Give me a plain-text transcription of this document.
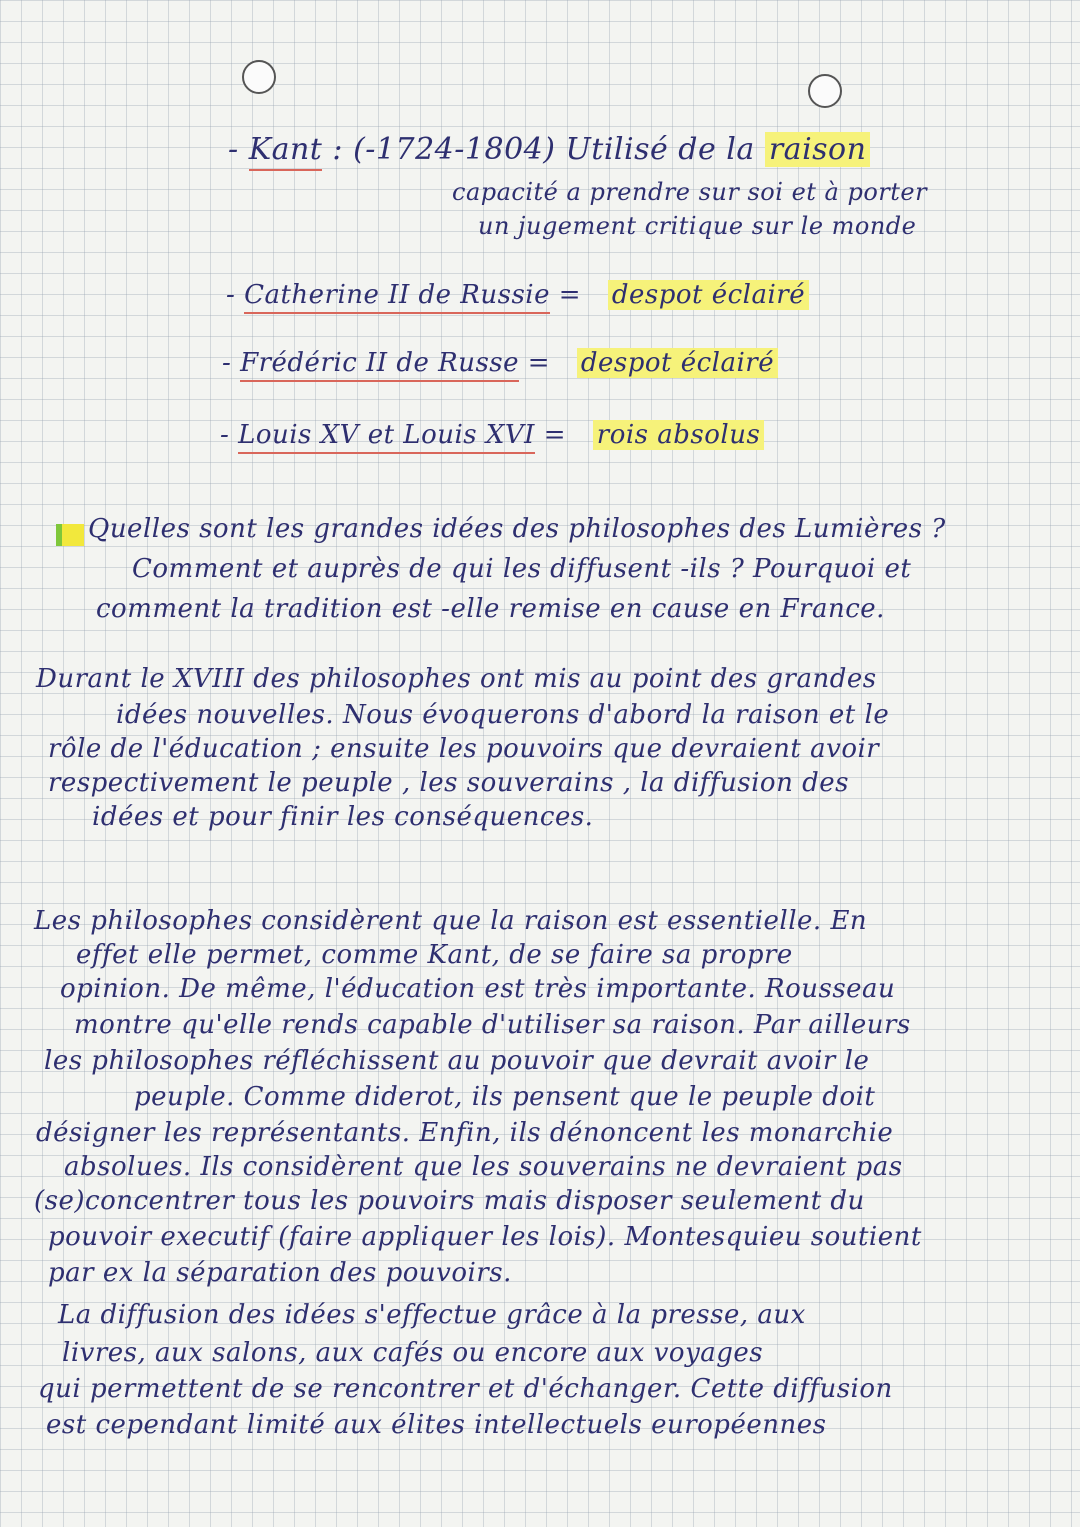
- Kant : (-1724-1804) Utilisé de la raison
capacité a prendre sur soi et à porter
un jugement critique sur le monde
- Catherine II de Russie = despot éclairé
- Frédéric II de Russe = despot éclairé
- Louis XV et Louis XVI = rois absolus
Quelles sont les grandes idées des philosophes des Lumières ?
Comment et auprès de qui les diffusent -ils ? Pourquoi et
comment la tradition est -elle remise en cause en France.
Durant le XVIII des philosophes ont mis au point des grandes
idées nouvelles. Nous évoquerons d'abord la raison et le
rôle de l'éducation ; ensuite les pouvoirs que devraient avoir
respectivement le peuple , les souverains , la diffusion des
idées et pour finir les conséquences.
Les philosophes considèrent que la raison est essentielle. En
effet elle permet, comme Kant, de se faire sa propre
opinion. De même, l'éducation est très importante. Rousseau
montre qu'elle rends capable d'utiliser sa raison. Par ailleurs
les philosophes réfléchissent au pouvoir que devrait avoir le
peuple. Comme diderot, ils pensent que le peuple doit
désigner les représentants. Enfin, ils dénoncent les monarchie
absolues. Ils considèrent que les souverains ne devraient pas
(se)concentrer tous les pouvoirs mais disposer seulement du
pouvoir executif (faire appliquer les lois). Montesquieu soutient
par ex la séparation des pouvoirs.
La diffusion des idées s'effectue grâce à la presse, aux
livres, aux salons, aux cafés ou encore aux voyages
qui permettent de se rencontrer et d'échanger. Cette diffusion
est cependant limité aux élites intellectuels européennes
